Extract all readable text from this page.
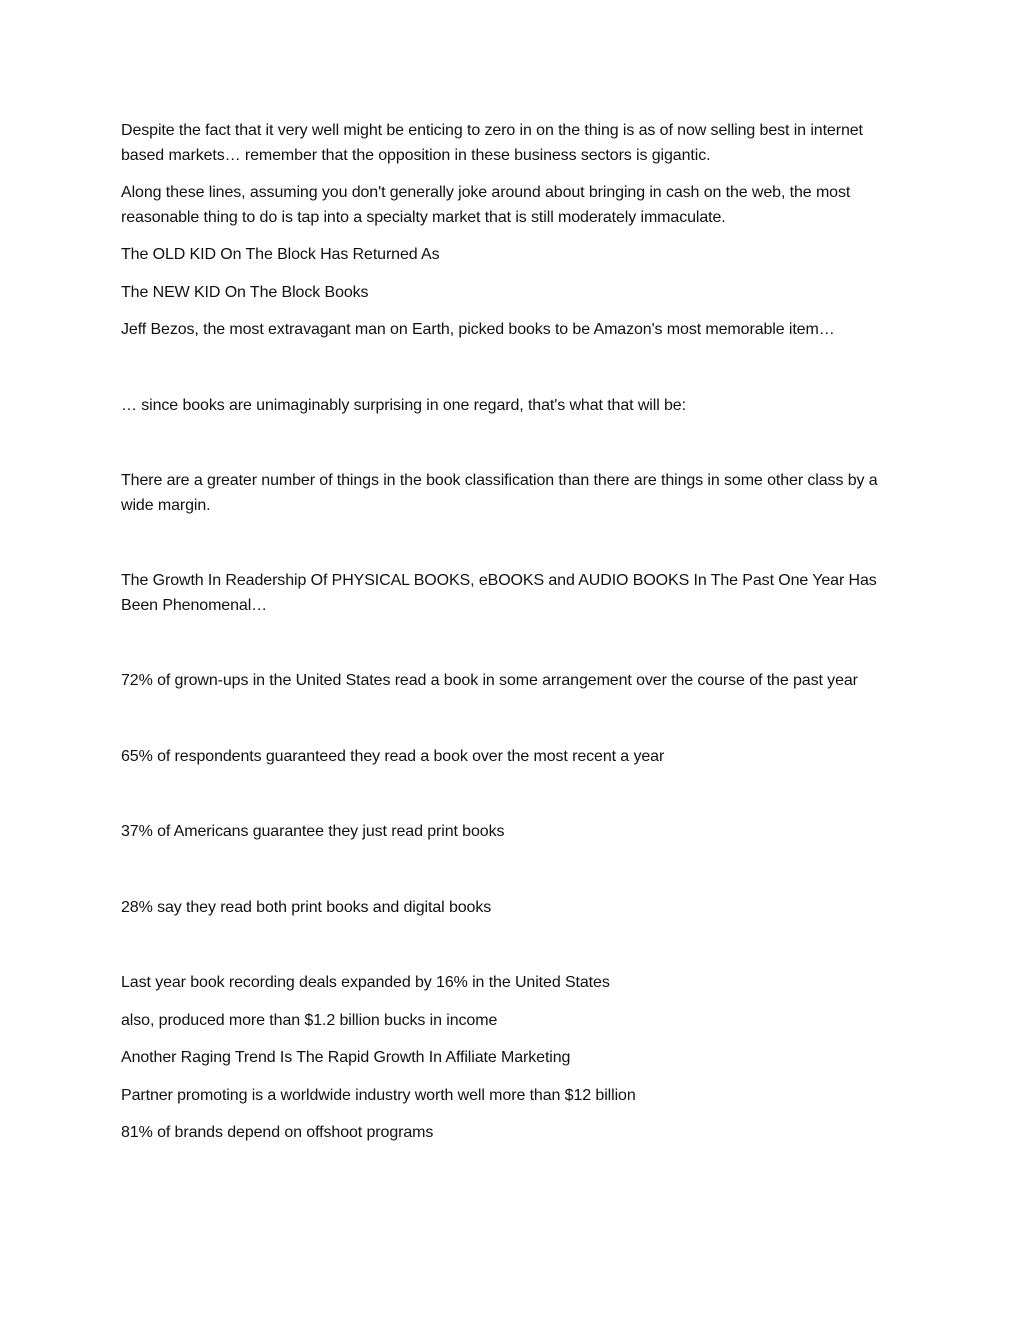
Despite the fact that it very well might be enticing to zero in on the thing is as of now selling best in internet based markets… remember that the opposition in these business sectors is gigantic.

Along these lines, assuming you don't generally joke around about bringing in cash on the web, the most reasonable thing to do is tap into a specialty market that is still moderately immaculate.

The OLD KID On The Block Has Returned As

The NEW KID On The Block Books

Jeff Bezos, the most extravagant man on Earth, picked books to be Amazon's most memorable item…

… since books are unimaginably surprising in one regard, that's what that will be:

There are a greater number of things in the book classification than there are things in some other class by a wide margin.

The Growth In Readership Of PHYSICAL BOOKS, eBOOKS and AUDIO BOOKS In The Past One Year Has Been Phenomenal…

72% of grown-ups in the United States read a book in some arrangement over the course of the past year

65% of respondents guaranteed they read a book over the most recent a year

37% of Americans guarantee they just read print books

28% say they read both print books and digital books

Last year book recording deals expanded by 16% in the United States

also, produced more than $1.2 billion bucks in income

Another Raging Trend Is The Rapid Growth In Affiliate Marketing

Partner promoting is a worldwide industry worth well more than $12 billion

81% of brands depend on offshoot programs
